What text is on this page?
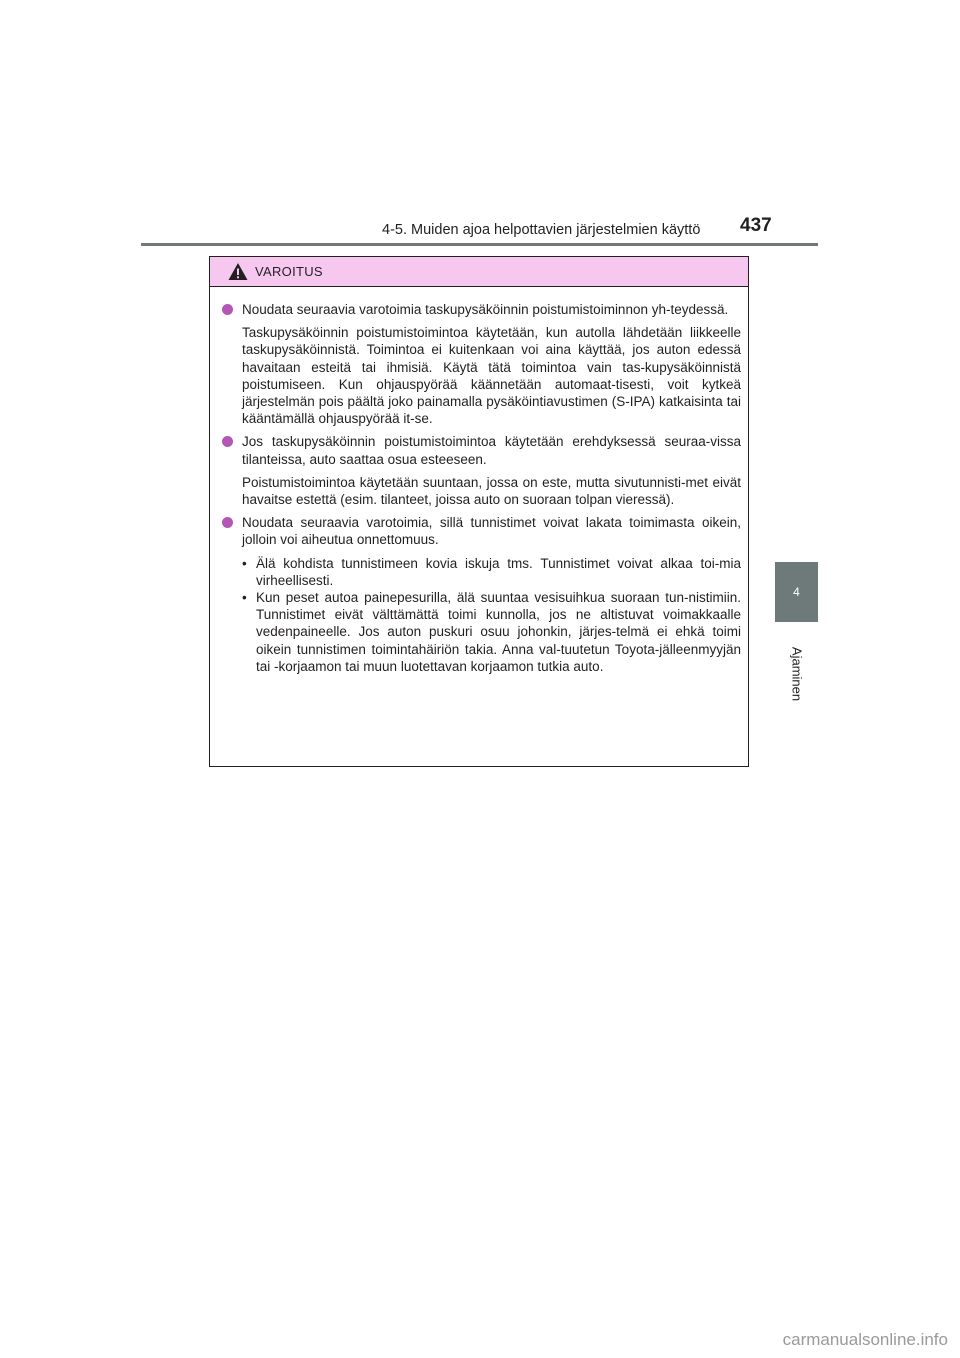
4-5. Muiden ajoa helpottavien järjestelmien käyttö 437
4
Ajaminen
VAROITUS

Noudata seuraavia varotoimia taskupysäköinnin poistumistoiminnon yh-teydessä.

Taskupysäköinnin poistumistoimintoa käytetään, kun autolla lähdetään liikkeelle taskupysäköinnistä. Toimintoa ei kuitenkaan voi aina käyttää, jos auton edessä havaitaan esteitä tai ihmisiä. Käytä tätä toimintoa vain tas-kupysäköinnistä poistumiseen. Kun ohjauspyörää käännetään automaat-tisesti, voit kytkeä järjestelmän pois päältä joko painamalla pysäköintiavustimen (S-IPA) katkaisinta tai kääntämällä ohjauspyörää it-se.

Jos taskupysäköinnin poistumistoimintoa käytetään erehdyksessä seuraa-vissa tilanteissa, auto saattaa osua esteeseen.

Poistumistoimintoa käytetään suuntaan, jossa on este, mutta sivutunnisti-met eivät havaitse estettä (esim. tilanteet, joissa auto on suoraan tolpan vieressä).

Noudata seuraavia varotoimia, sillä tunnistimet voivat lakata toimimasta oikein, jolloin voi aiheutua onnettomuus.

• Älä kohdista tunnistimeen kovia iskuja tms. Tunnistimet voivat alkaa toi-mia virheellisesti.
• Kun peset autoa painepesurilla, älä suuntaa vesisuihkua suoraan tun-nistimiin. Tunnistimet eivät välttämättä toimi kunnolla, jos ne altistuvat voimakkaalle vedenpaineelle. Jos auton puskuri osuu johonkin, järjes-telmä ei ehkä toimi oikein tunnistimen toimintahäiriön takia. Anna val-tuutetun Toyota-jälleenmyyjän tai -korjaamon tai muun luotettavan korjaamon tutkia auto.
carmanualsonline.info
